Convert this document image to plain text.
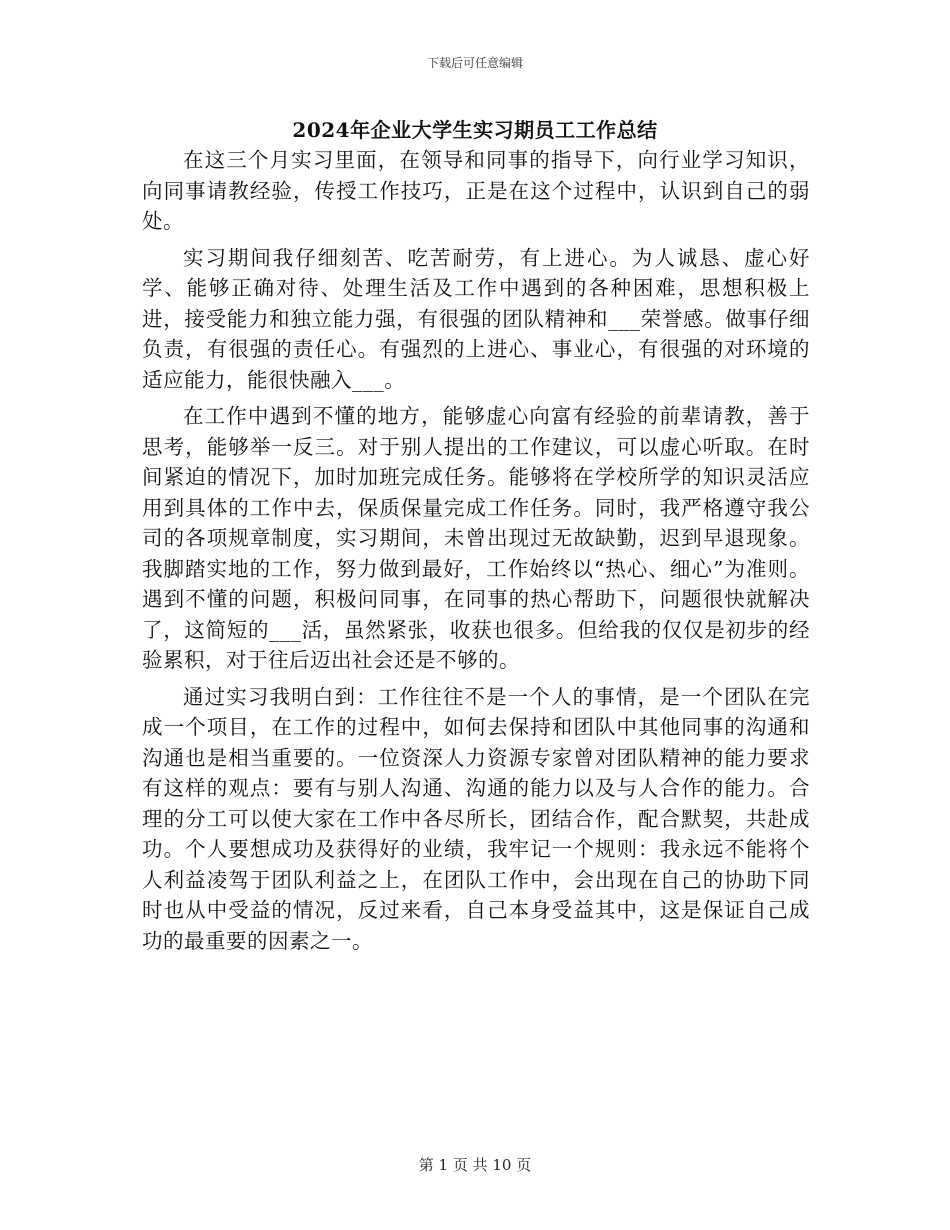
下载后可任意编辑
2024年企业大学生实习期员工工作总结

在这三个月实习里面，在领导和同事的指导下，向行业学习知识，向同事请教经验，传授工作技巧，正是在这个过程中，认识到自己的弱处。

实习期间我仔细刻苦、吃苦耐劳，有上进心。为人诚恳、虚心好学、能够正确对待、处理生活及工作中遇到的各种困难，思想积极上进，接受能力和独立能力强，有很强的团队精神和___荣誉感。做事仔细负责，有很强的责任心。有强烈的上进心、事业心，有很强的对环境的适应能力，能很快融入___。

在工作中遇到不懂的地方，能够虚心向富有经验的前辈请教，善于思考，能够举一反三。对于别人提出的工作建议，可以虚心听取。在时间紧迫的情况下，加时加班完成任务。能够将在学校所学的知识灵活应用到具体的工作中去，保质保量完成工作任务。同时，我严格遵守我公司的各项规章制度，实习期间，未曾出现过无故缺勤，迟到早退现象。我脚踏实地的工作，努力做到最好，工作始终以“热心、细心”为准则。遇到不懂的问题，积极问同事，在同事的热心帮助下，问题很快就解决了，这简短的___活，虽然紧张，收获也很多。但给我的仅仅是初步的经验累积，对于往后迈出社会还是不够的。

通过实习我明白到：工作往往不是一个人的事情，是一个团队在完成一个项目，在工作的过程中，如何去保持和团队中其他同事的沟通和沟通也是相当重要的。一位资深人力资源专家曾对团队精神的能力要求有这样的观点：要有与别人沟通、沟通的能力以及与人合作的能力。合理的分工可以使大家在工作中各尽所长，团结合作，配合默契，共赴成功。个人要想成功及获得好的业绩，我牢记一个规则：我永远不能将个人利益凌驾于团队利益之上，在团队工作中，会出现在自己的协助下同时也从中受益的情况，反过来看，自己本身受益其中，这是保证自己成功的最重要的因素之一。

第 1 页 共 10 页
